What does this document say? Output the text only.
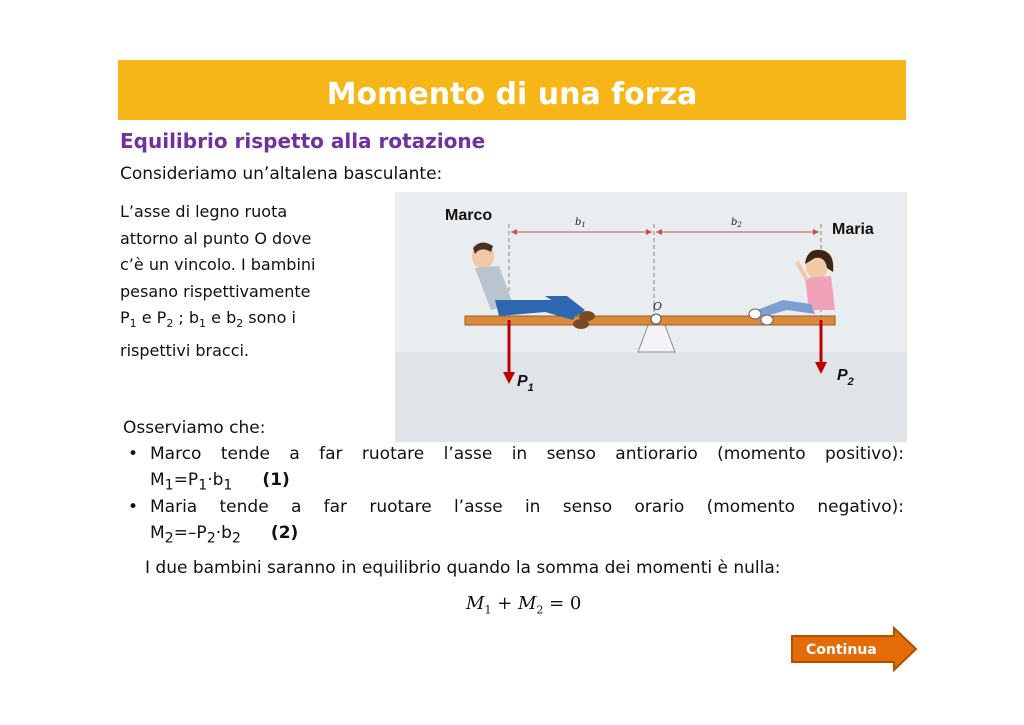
Momento di una forza
Equilibrio rispetto alla rotazione
Consideriamo un’altalena basculante:
L’asse di legno ruota
attorno al punto O dove
c’è un vincolo. I bambini
pesano rispettivamente
$P_1$ e $P_2$ ; $b_1$ e $b_2$ sono i
rispettivi bracci.
Marco
Maria
$b_1$	$b_2$
O
$P_1$
$P_2$
Osserviamo che:
• Marco tende a far ruotare l’asse in senso antiorario (momento positivo):
$M_1=P_1\cdot b_1$ (1)
• Maria tende a far ruotare l’asse in senso orario (momento negativo):
$M_2=-P_2\cdot b_2$ (2)
I due bambini saranno in equilibrio quando la somma dei momenti è nulla:
$M_1 + M_2 = 0$
Continua
